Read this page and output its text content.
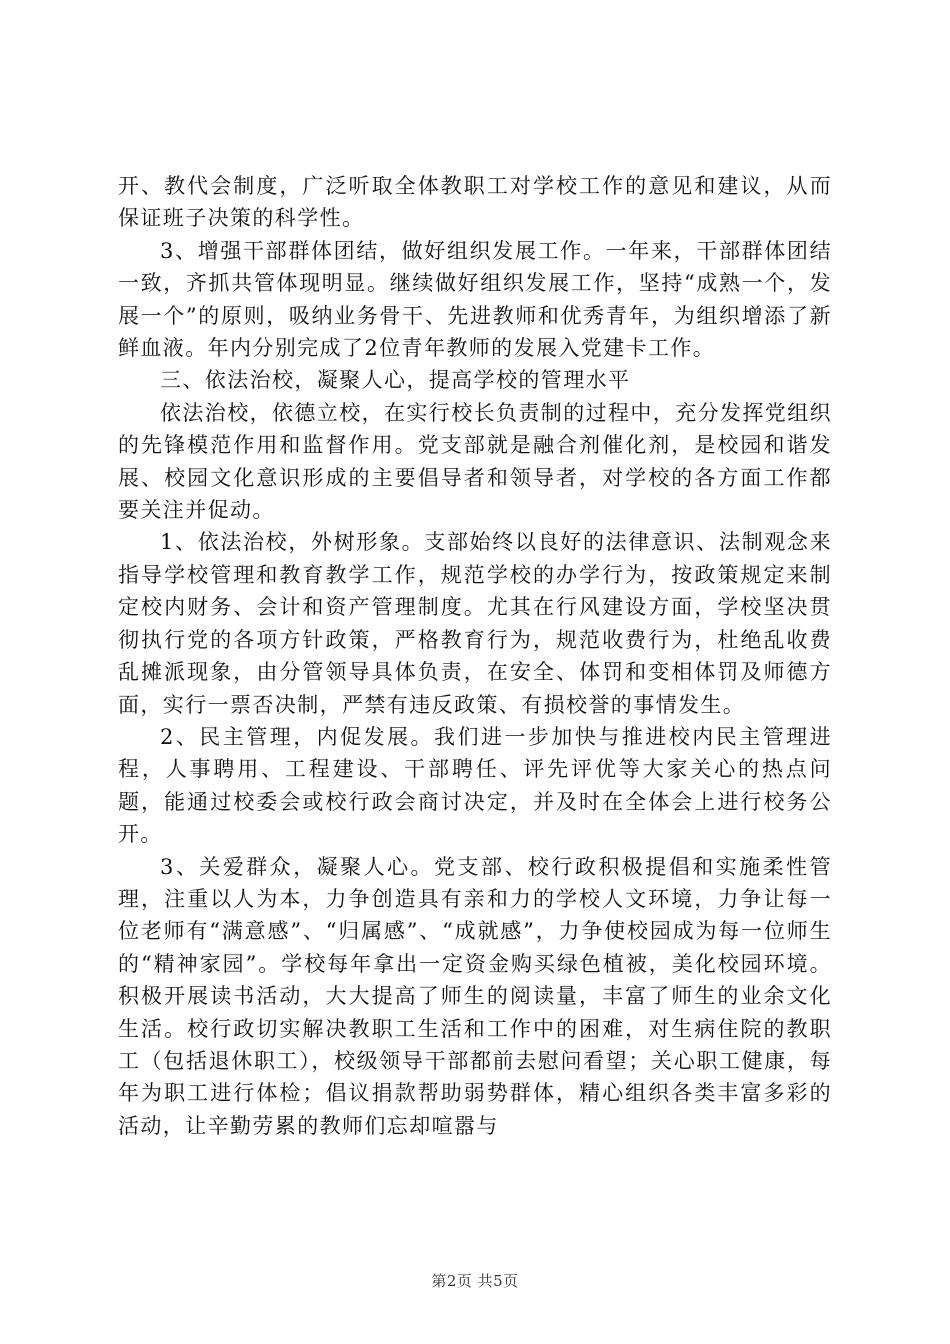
开、教代会制度，广泛听取全体教职工对学校工作的意见和建议，从而保证班子决策的科学性。

3、增强干部群体团结，做好组织发展工作。一年来，干部群体团结一致，齐抓共管体现明显。继续做好组织发展工作，坚持“成熟一个，发展一个”的原则，吸纳业务骨干、先进教师和优秀青年，为组织增添了新鲜血液。年内分别完成了2位青年教师的发展入党建卡工作。

三、依法治校，凝聚人心，提高学校的管理水平

依法治校，依德立校，在实行校长负责制的过程中，充分发挥党组织的先锋模范作用和监督作用。党支部就是融合剂催化剂，是校园和谐发展、校园文化意识形成的主要倡导者和领导者，对学校的各方面工作都要关注并促动。

1、依法治校，外树形象。支部始终以良好的法律意识、法制观念来指导学校管理和教育教学工作，规范学校的办学行为，按政策规定来制定校内财务、会计和资产管理制度。尤其在行风建设方面，学校坚决贯彻执行党的各项方针政策，严格教育行为，规范收费行为，杜绝乱收费乱摊派现象，由分管领导具体负责，在安全、体罚和变相体罚及师德方面，实行一票否决制，严禁有违反政策、有损校誉的事情发生。

2、民主管理，内促发展。我们进一步加快与推进校内民主管理进程，人事聘用、工程建设、干部聘任、评先评优等大家关心的热点问题，能通过校委会或校行政会商讨决定，并及时在全体会上进行校务公开。

3、关爱群众，凝聚人心。党支部、校行政积极提倡和实施柔性管理，注重以人为本，力争创造具有亲和力的学校人文环境，力争让每一位老师有“满意感”、“归属感”、“成就感”，力争使校园成为每一位师生的“精神家园”。学校每年拿出一定资金购买绿色植被，美化校园环境。积极开展读书活动，大大提高了师生的阅读量，丰富了师生的业余文化生活。校行政切实解决教职工生活和工作中的困难，对生病住院的教职工（包括退休职工），校级领导干部都前去慰问看望；关心职工健康，每年为职工进行体检；倡议捐款帮助弱势群体，精心组织各类丰富多彩的活动，让辛勤劳累的教师们忘却喧嚣与

第2页 共5页
